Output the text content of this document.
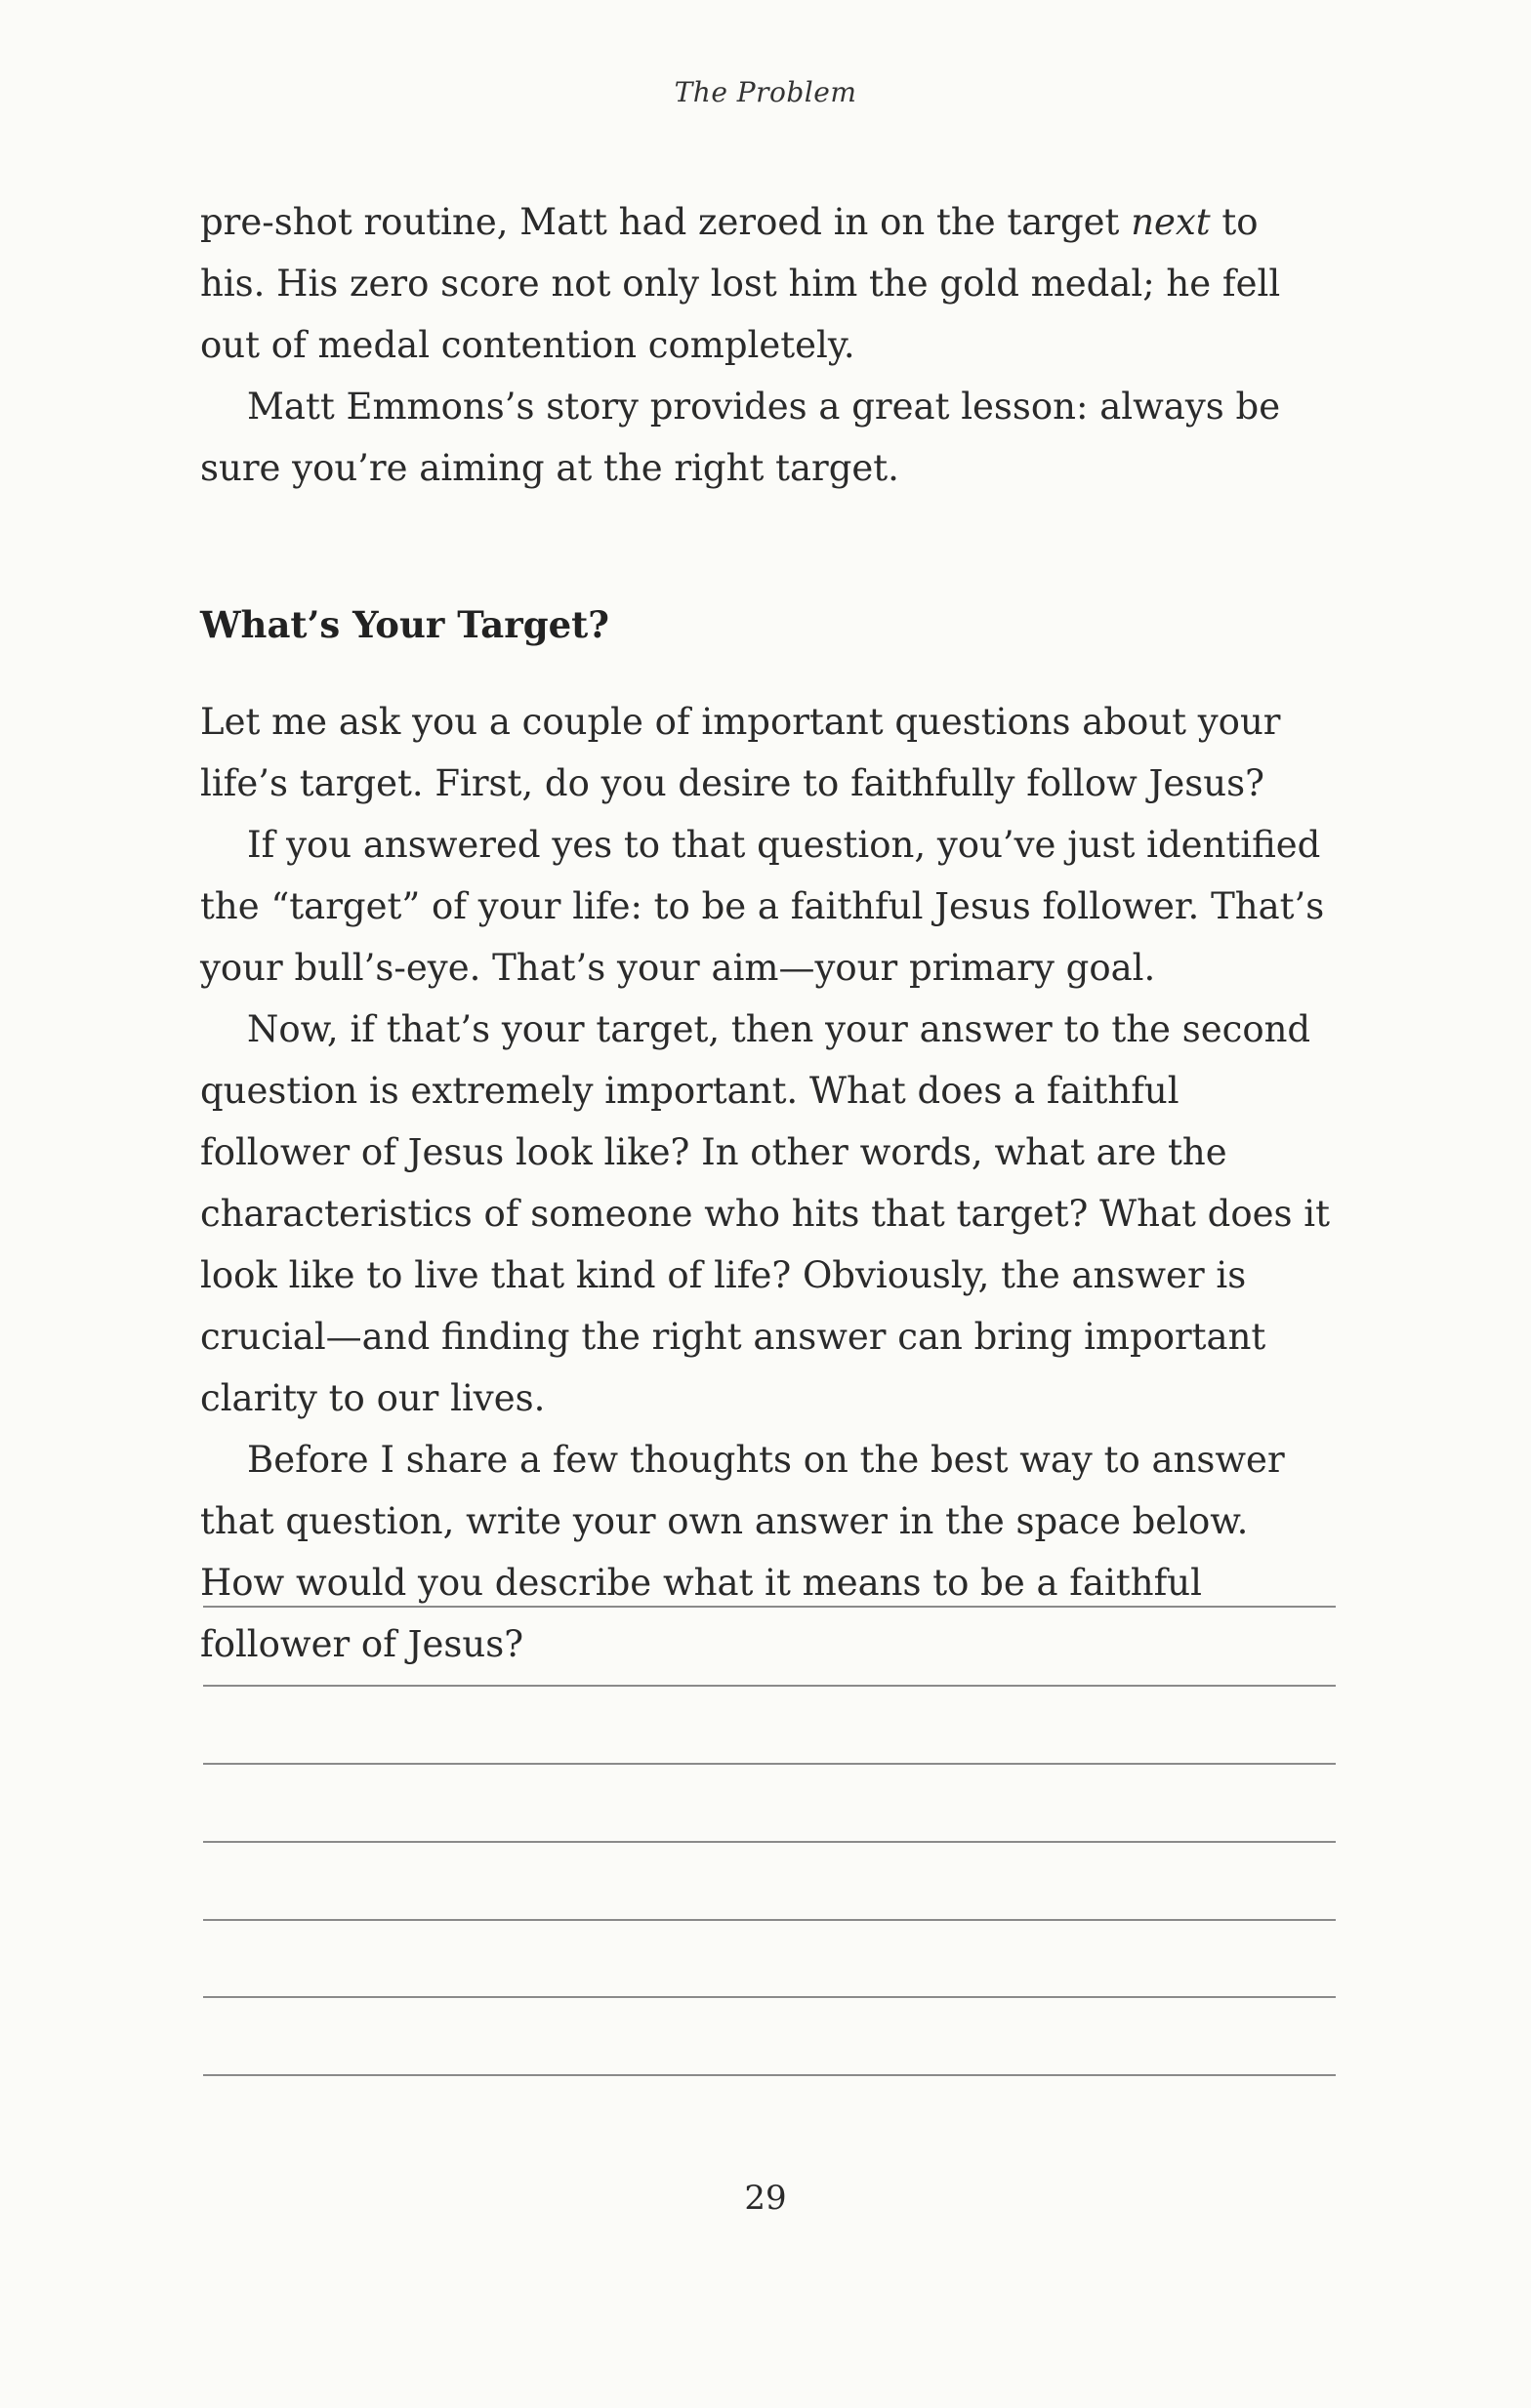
The Problem

pre-shot routine, Matt had zeroed in on the target next to his. His zero score not only lost him the gold medal; he fell out of medal contention completely.

Matt Emmons’s story provides a great lesson: always be sure you’re aiming at the right target.

What’s Your Target?

Let me ask you a couple of important questions about your life’s target. First, do you desire to faithfully follow Jesus?

If you answered yes to that question, you’ve just identified the “target” of your life: to be a faithful Jesus follower. That’s your bull’s-eye. That’s your aim—your primary goal.

Now, if that’s your target, then your answer to the second question is extremely important. What does a faithful follower of Jesus look like? In other words, what are the characteristics of someone who hits that target? What does it look like to live that kind of life? Obviously, the answer is crucial—and finding the right answer can bring important clarity to our lives.

Before I share a few thoughts on the best way to answer that question, write your own answer in the space below. How would you describe what it means to be a faithful follower of Jesus?

29
